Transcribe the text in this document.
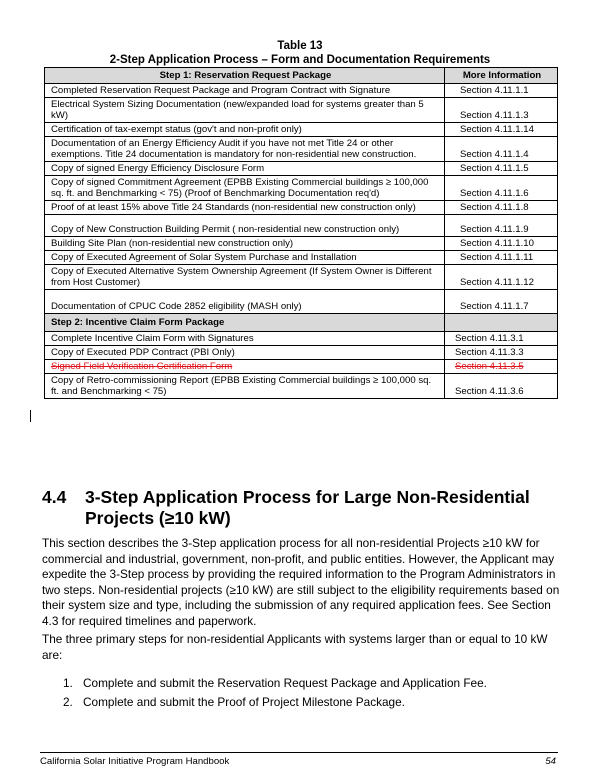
Table 13
2-Step Application Process – Form and Documentation Requirements
Step 1: Reservation Request Package	More Information
Completed Reservation Request Package and Program Contract with Signature	Section 4.11.1.1
Electrical System Sizing Documentation (new/expanded load for systems greater than 5 kW)	Section 4.11.1.3
Certification of tax-exempt status (gov't and non-profit only)	Section 4.11.1.14
Documentation of an Energy Efficiency Audit if you have not met Title 24 or other exemptions. Title 24 documentation is mandatory for non-residential new construction.	Section 4.11.1.4
Copy of signed Energy Efficiency Disclosure Form	Section 4.11.1.5
Copy of signed Commitment Agreement (EPBB Existing Commercial buildings ≥ 100,000 sq. ft. and Benchmarking < 75) (Proof of Benchmarking Documentation req'd)	Section 4.11.1.6
Proof of at least 15% above Title 24 Standards (non-residential new construction only)	Section 4.11.1.8
Copy of New Construction Building Permit ( non-residential new construction only)	Section 4.11.1.9
Building Site Plan (non-residential new construction only)	Section 4.11.1.10
Copy of Executed Agreement of Solar System Purchase and Installation	Section 4.11.1.11
Copy of Executed Alternative System Ownership Agreement (If System Owner is Different from Host Customer)	Section 4.11.1.12
Documentation of CPUC Code 2852 eligibility (MASH only)	Section 4.11.1.7
Step 2: Incentive Claim Form Package	
Complete Incentive Claim Form with Signatures	Section 4.11.3.1
Copy of Executed PDP Contract (PBI Only)	Section 4.11.3.3
Signed Field Verification Certification Form	Section 4.11.3.5
Copy of Retro-commissioning Report (EPBB Existing Commercial buildings ≥ 100,000 sq. ft. and Benchmarking < 75)	Section 4.11.3.6
4.4	3-Step Application Process for Large Non-Residential Projects (≥10 kW)

This section describes the 3-Step application process for all non-residential Projects ≥10 kW for commercial and industrial, government, non-profit, and public entities. However, the Applicant may expedite the 3-Step process by providing the required information to the Program Administrators in two steps. Non-residential projects (≥10 kW) are still subject to the eligibility requirements based on their system size and type, including the submission of any required application fees. See Section 4.3 for required timelines and paperwork.

The three primary steps for non-residential Applicants with systems larger than or equal to 10 kW are:

1. Complete and submit the Reservation Request Package and Application Fee.
2. Complete and submit the Proof of Project Milestone Package.
California Solar Initiative Program Handbook	54
